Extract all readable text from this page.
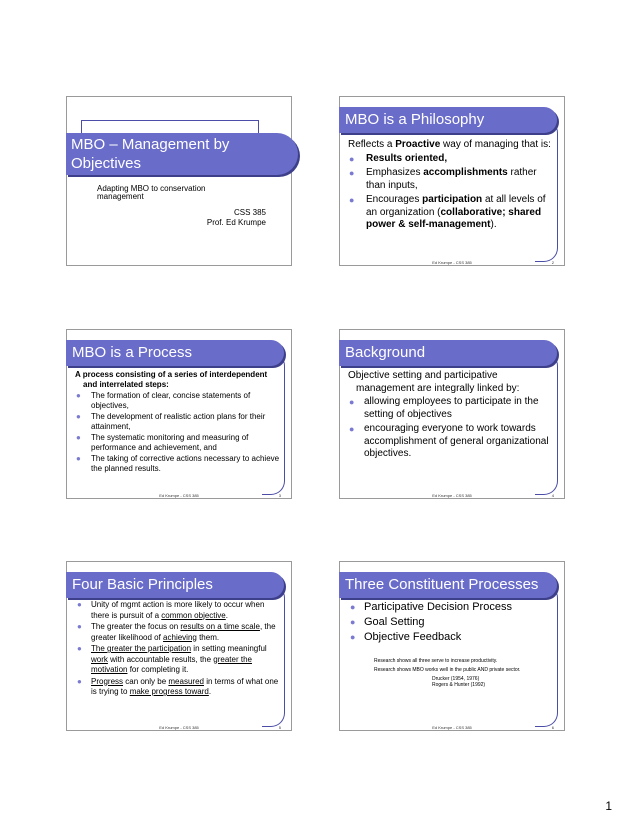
MBO – Management by Objectives
Adapting MBO to conservation management
CSS 385
Prof. Ed Krumpe
MBO is a Philosophy
Reflects a Proactive way of managing that is:
● Results oriented,
● Emphasizes accomplishments rather than inputs,
● Encourages participation at all levels of an organization (collaborative; shared power & self-management).
Ed Krumpe - CSS 385	2
MBO is a Process
A process consisting of a series of interdependent and interrelated steps:
● The formation of clear, concise statements of objectives,
● The development of realistic action plans for their attainment,
● The systematic monitoring and measuring of performance and achievement, and
● The taking of corrective actions necessary to achieve the planned results.
Ed Krumpe - CSS 385	3
Background
Objective setting and participative management are integrally linked by:
● allowing employees to participate in the setting of objectives
● encouraging everyone to work towards accomplishment of general organizational objectives.
Ed Krumpe - CSS 385	4
Four Basic Principles
● Unity of mgmt action is more likely to occur when there is pursuit of a common objective.
● The greater the focus on results on a time scale, the greater likelihood of achieving them.
● The greater the participation in setting meaningful work with accountable results, the greater the motivation for completing it.
● Progress can only be measured in terms of what one is trying to make progress toward.
Ed Krumpe - CSS 385	5
Three Constituent Processes
● Participative Decision Process
● Goal Setting
● Objective Feedback

Research shows all three serve to increase productivity.

Research shows MBO works well in the public AND private sector.

Drucker (1954, 1976)
Rogers & Hunter (1992)
Ed Krumpe - CSS 385	6
1
